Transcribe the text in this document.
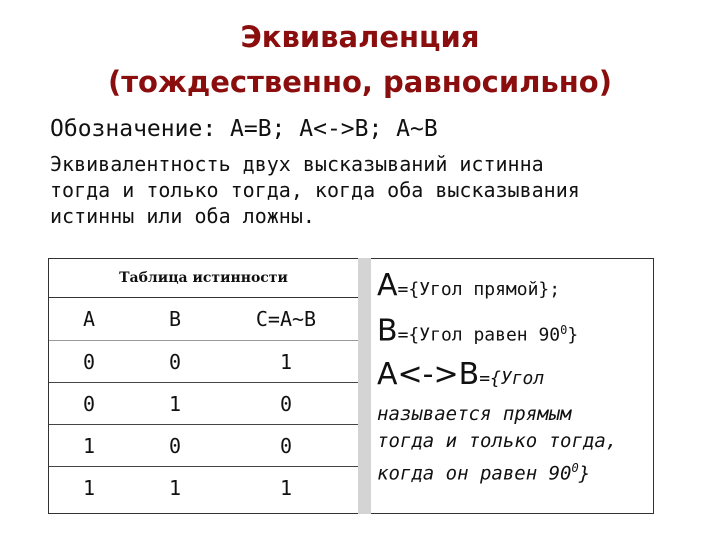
Эквиваленция
(тождественно, равносильно)
Обозначение: A=B; A<->B; A~B
Эквивалентность двух высказываний истинна
тогда и только тогда, когда оба высказывания
истинны или оба ложны.
Таблица истинности
A	B	C=A~B
0	0	1
0	1	0
1	0	0
1	1	1
A={Угол прямой};
B={Угол равен $90^0$}
A<->B={Угол
называется прямым
тогда и только тогда,
когда он равен $90^0$}
